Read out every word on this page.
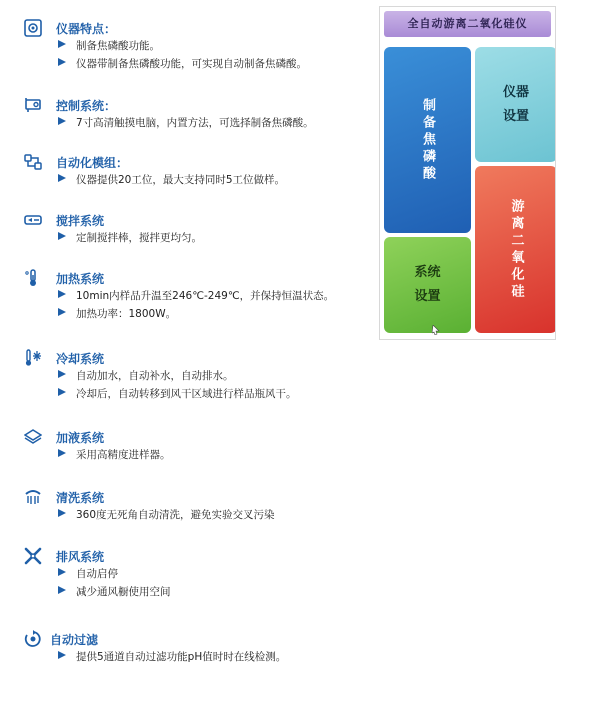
仪器特点：
制备焦磷酸功能。
仪器带制备焦磷酸功能，可实现自动制备焦磷酸。
控制系统：
7寸高清触摸电脑，内置方法，可选择制备焦磷酸。
自动化模组：
仪器提供20工位，最大支持同时5工位做样。
搅拌系统
定制搅拌棒，搅拌更均匀。
加热系统
10min内样品升温至246℃-249℃，并保持恒温状态。
加热功率：1800W。
冷却系统
自动加水，自动补水，自动排水。
冷却后，自动转移到风干区域进行样品瓶风干。
加液系统
采用高精度进样器。
清洗系统
360度无死角自动清洗，避免实验交叉污染
排风系统
自动启停
减少通风橱使用空间
自动过滤
提供5通道自动过滤功能pH值时时在线检测。
全自动游离二氧化硅仪
制备焦磷酸
仪器
设置
系统
设置	游离二氧化硅
